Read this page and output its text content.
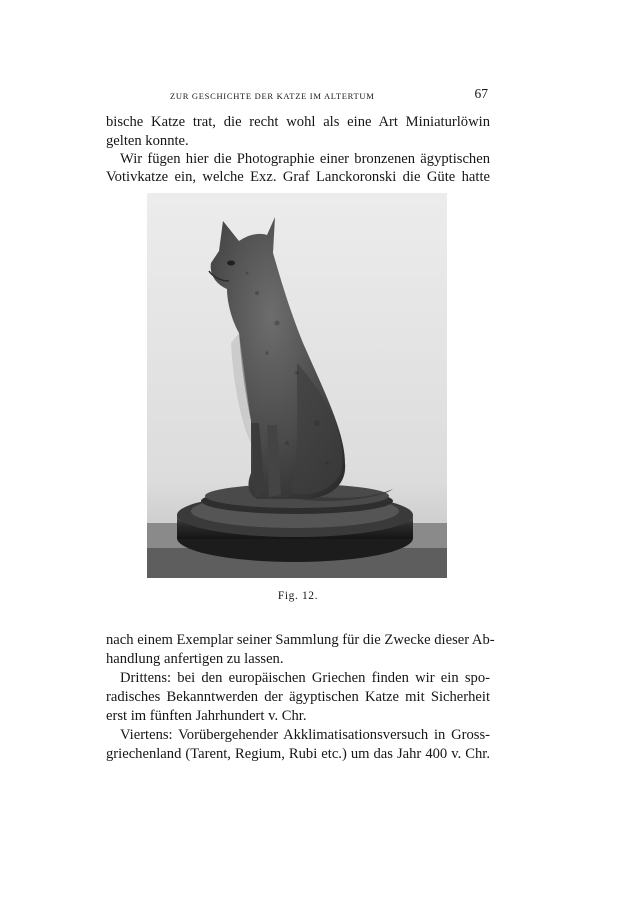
ZUR GESCHICHTE DER KATZE IM ALTERTUM	67
bische Katze trat, die recht wohl als eine Art Miniaturlöwin
gelten konnte.
Wir fügen hier die Photographie einer bronzenen ägyptischen
Votivkatze ein, welche Exz. Graf Lanckoronski die Güte hatte
Fig. 12.
nach einem Exemplar seiner Sammlung für die Zwecke dieser Ab-
handlung anfertigen zu lassen.
Drittens: bei den europäischen Griechen finden wir ein spo-
radisches Bekanntwerden der ägyptischen Katze mit Sicherheit
erst im fünften Jahrhundert v. Chr.
Viertens: Vorübergehender Akklimatisationsversuch in Gross-
griechenland (Tarent, Regium, Rubi etc.) um das Jahr 400 v. Chr.
